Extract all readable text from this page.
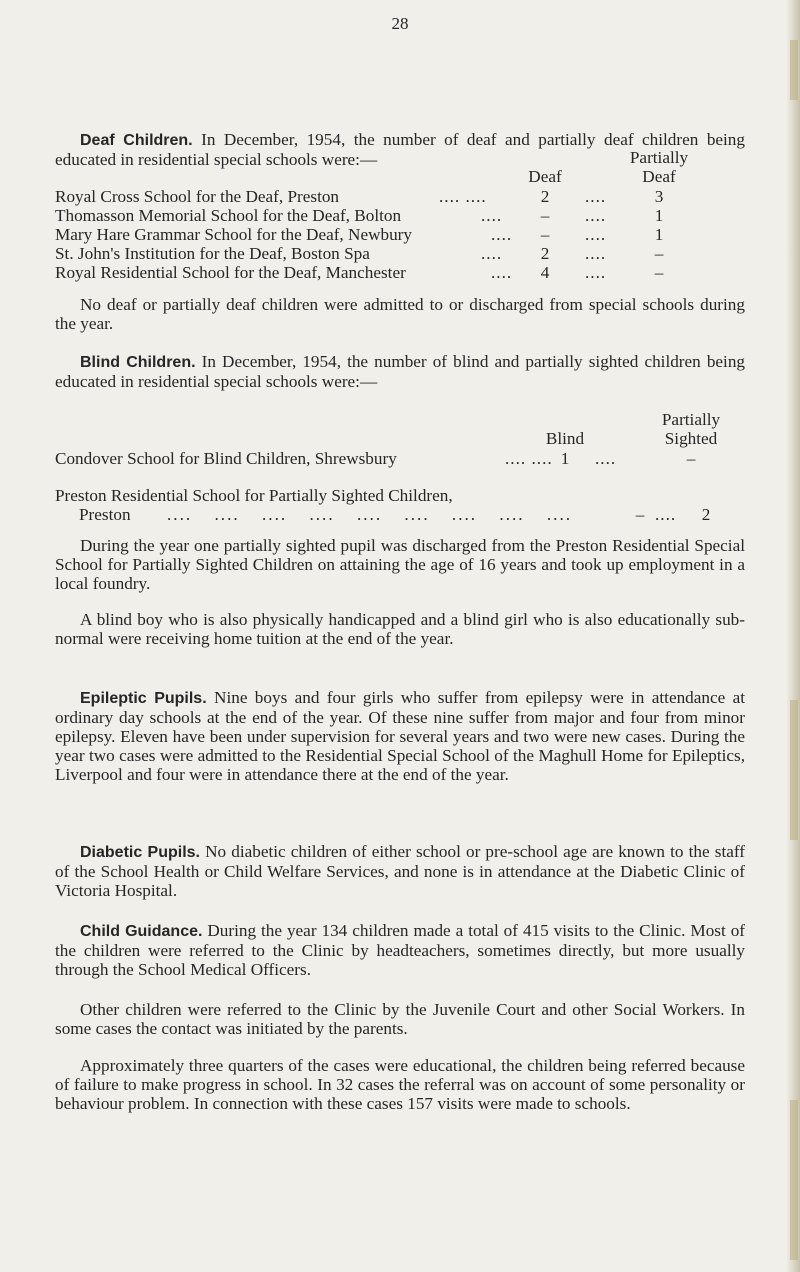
28
Deaf Children. In December, 1954, the number of deaf and partially deaf children being educated in residential special schools were:—	Partially
Deaf	Deaf
Royal Cross School for the Deaf, Preston	.... ....	2	....	3
Thomasson Memorial School for the Deaf, Bolton	....	–	....	1
Mary Hare Grammar School for the Deaf, Newbury	....	–	....	1
St. John's Institution for the Deaf, Boston Spa	....	2	....	–
Royal Residential School for the Deaf, Manchester	....	4	....	–
No deaf or partially deaf children were admitted to or discharged from special schools during the year.
Blind Children. In December, 1954, the number of blind and partially sighted children being educated in residential special schools were:—
Partially
Blind	Sighted
Condover School for Blind Children, Shrewsbury	.... .... 1	....	–
Preston Residential School for Partially Sighted Children,
Preston .... .... .... .... .... .... .... .... ....	– ....	2
During the year one partially sighted pupil was discharged from the Preston Residential Special School for Partially Sighted Children on attaining the age of 16 years and took up employment in a local foundry.
A blind boy who is also physically handicapped and a blind girl who is also educationally sub-normal were receiving home tuition at the end of the year.
Epileptic Pupils. Nine boys and four girls who suffer from epilepsy were in attendance at ordinary day schools at the end of the year. Of these nine suffer from major and four from minor epilepsy. Eleven have been under supervision for several years and two were new cases. During the year two cases were admitted to the Residential Special School of the Maghull Home for Epileptics, Liverpool and four were in attendance there at the end of the year.
Diabetic Pupils. No diabetic children of either school or pre-school age are known to the staff of the School Health or Child Welfare Services, and none is in attendance at the Diabetic Clinic of Victoria Hospital.
Child Guidance. During the year 134 children made a total of 415 visits to the Clinic. Most of the children were referred to the Clinic by headteachers, sometimes directly, but more usually through the School Medical Officers.
Other children were referred to the Clinic by the Juvenile Court and other Social Workers. In some cases the contact was initiated by the parents.
Approximately three quarters of the cases were educational, the children being referred because of failure to make progress in school. In 32 cases the referral was on account of some personality or behaviour problem. In connection with these cases 157 visits were made to schools.
